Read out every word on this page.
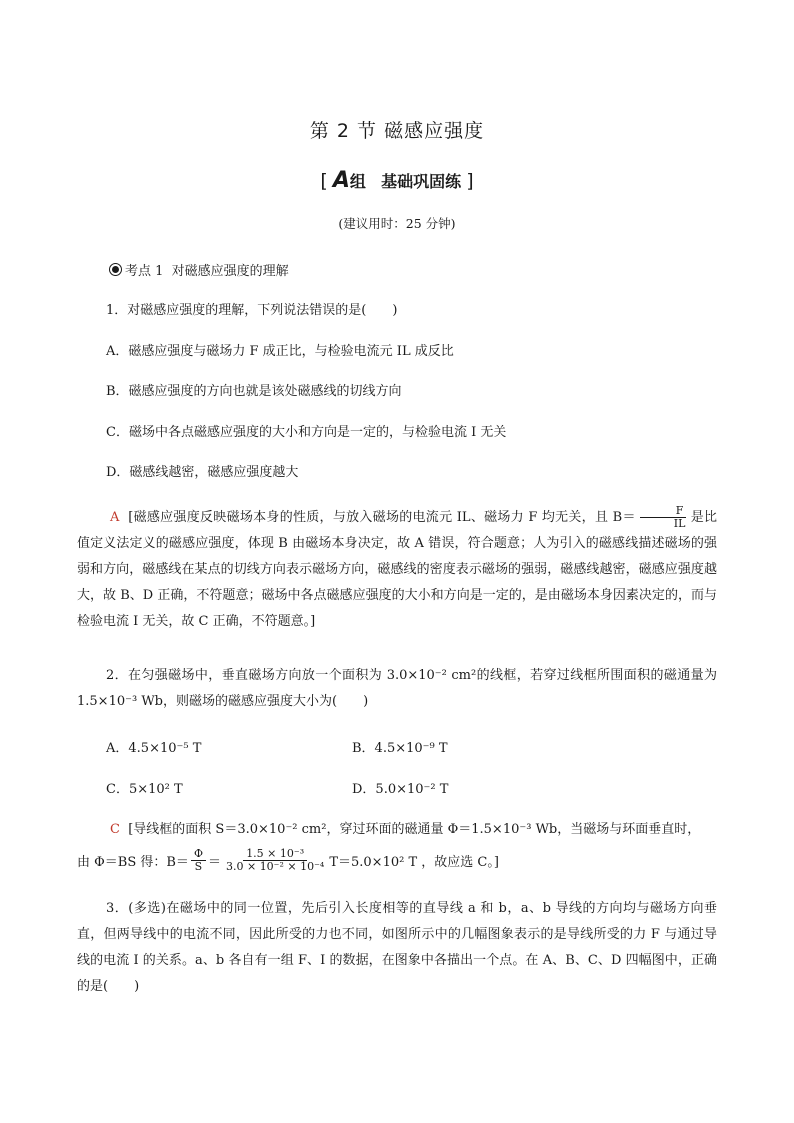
第 2 节 磁感应强度
[ A组 基础巩固练 ]
(建议用时：25 分钟)
考点 1 对磁感应强度的理解
1．对磁感应强度的理解，下列说法错误的是(　　)
A．磁感应强度与磁场力 F 成正比，与检验电流元 IL 成反比
B．磁感应强度的方向也就是该处磁感线的切线方向
C．磁场中各点磁感应强度的大小和方向是一定的，与检验电流 I 无关
D．磁感线越密，磁感应强度越大
A [磁感应强度反映磁场本身的性质，与放入磁场的电流元 IL、磁场力 F 均无关，且 $B= \frac{F}{IL}$ 是比值定义法定义的磁感应强度，体现 B 由磁场本身决定，故 A 错误，符合题意；人为引入的磁感线描述磁场的强弱和方向，磁感线在某点的切线方向表示磁场方向，磁感线的密度表示磁场的强弱，磁感线越密，磁感应强度越大，故 B、D 正确，不符题意；磁场中各点磁感应强度的大小和方向是一定的，是由磁场本身因素决定的，而与检验电流 I 无关，故 C 正确，不符题意。]
2．在匀强磁场中，垂直磁场方向放一个面积为 3.0×10⁻² cm²的线框，若穿过线框所围面积的磁通量为 1.5×10⁻³ Wb，则磁场的磁感应强度大小为(　　)
A．4.5×10⁻⁵ T	B．4.5×10⁻⁹ T
C．5×10² T	D．5.0×10⁻² T
C [导线框的面积 S＝3.0×10⁻² cm²，穿过环面的磁通量 Φ＝1.5×10⁻³ Wb，当磁场与环面垂直时，
由 Φ＝BS 得：$B= \frac{\Phi}{S} = \frac{\text{1.5 × 10⁻³}}{\text{3.0 × 10⁻² × 10⁻⁴}} T=5.0\times 10^2$ T ，故应选 C。]
3．(多选)在磁场中的同一位置，先后引入长度相等的直导线 a 和 b，a、b 导线的方向均与磁场方向垂直，但两导线中的电流不同，因此所受的力也不同，如图所示中的几幅图象表示的是导线所受的力 F 与通过导线的电流 I 的关系。a、b 各自有一组 F、I 的数据，在图象中各描出一个点。在 A、B、C、D 四幅图中，正确的是(　　)
